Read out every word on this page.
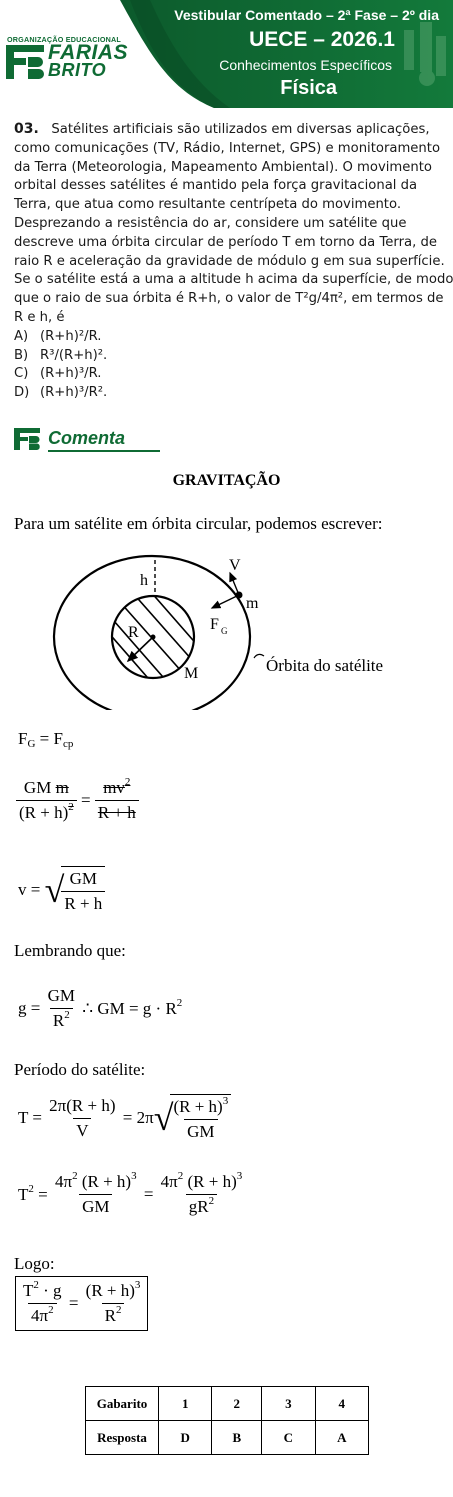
ORGANIZAÇÃO EDUCACIONAL
FARIAS
BRITO
Vestibular Comentado – 2ª Fase – 2º dia
UECE – 2026.1
Conhecimentos Específicos
Física
03. Satélites artificiais são utilizados em diversas aplicações,
como comunicações (TV, Rádio, Internet, GPS) e monitoramento
da Terra (Meteorologia, Mapeamento Ambiental). O movimento
orbital desses satélites é mantido pela força gravitacional da
Terra, que atua como resultante centrípeta do movimento.
Desprezando a resistência do ar, considere um satélite que
descreve uma órbita circular de período T em torno da Terra, de
raio R e aceleração da gravidade de módulo g em sua superfície.
Se o satélite está a uma a altitude h acima da superfície, de modo
que o raio de sua órbita é R+h, o valor de T²g/4π², em termos de
R e h, é
A) (R+h)²/R.
B) R³/(R+h)².
C) (R+h)³/R.
D) (R+h)³/R².
Comenta
GRAVITAÇÃO
Para um satélite em órbita circular, podemos escrever:
h
V
m
F G
R
M	Órbita do satélite
$F_G = F_{cp}$
$\frac{\text{GM m}}{(R + h)^2} = \frac{mv^2}{R + h}$
v = √
$\frac{GM}{R + h}$
Lembrando que:
$g = \frac{GM}{R^2}$ ∴ GM = $g \cdot R^2$
Período do satélite:
$T = \frac{2\pi(R + h)}{V} = 2\pi√$
$\frac{(R + h)^3}{GM}$
$T^2 = \frac{4\pi^2 (R + h)^3}{GM} = \frac{4\pi^2 (R + h)^3}{gR^2}$
Logo:
$\frac{T^2 \cdot g}{4\pi^2} = \frac{(R + h)^3}{R^2}$
Gabarito	1	2	3	4
Resposta	D	B	C	A
